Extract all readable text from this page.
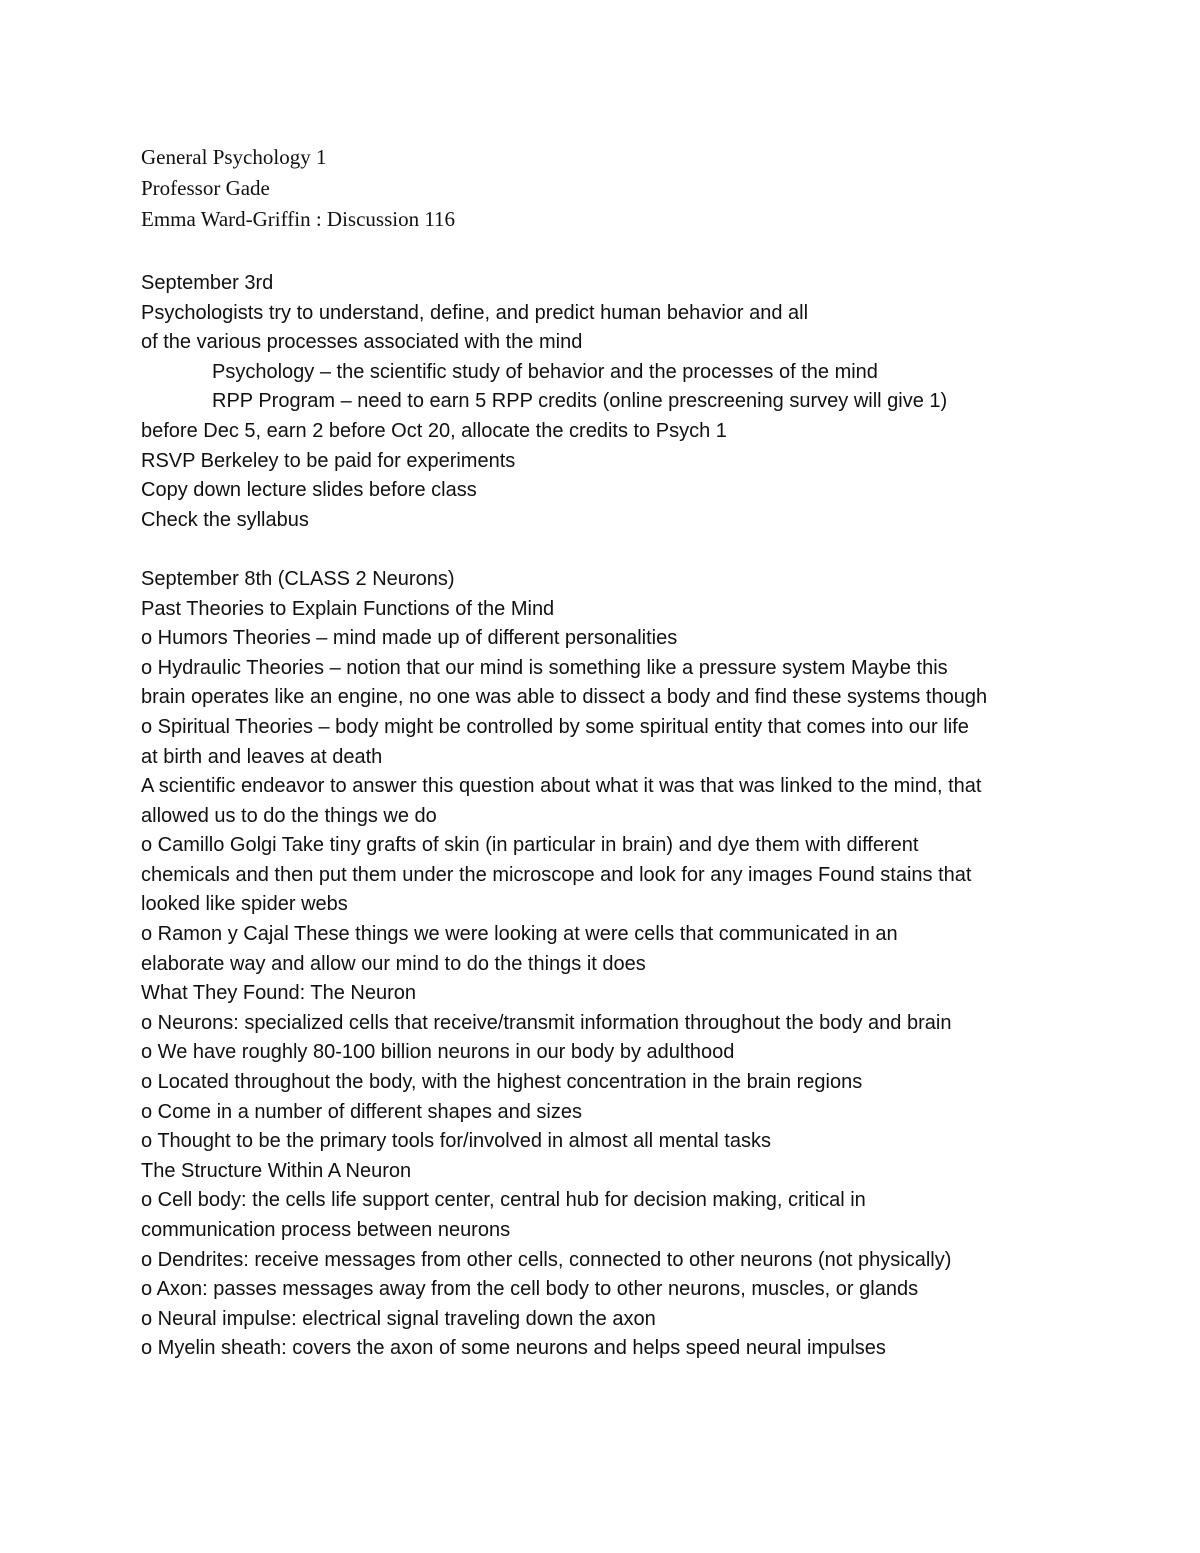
General Psychology 1
Professor Gade
Emma Ward-Griffin : Discussion 116
September 3rd
Psychologists try to understand, define, and predict human behavior and all
of the various processes associated with the mind
Psychology – the scientific study of behavior and the processes of the mind
RPP Program – need to earn 5 RPP credits (online prescreening survey will give 1)
before Dec 5, earn 2 before Oct 20, allocate the credits to Psych 1
RSVP Berkeley to be paid for experiments
Copy down lecture slides before class
Check the syllabus
September 8th (CLASS 2 Neurons)
Past Theories to Explain Functions of the Mind
o Humors Theories – mind made up of different personalities
o Hydraulic Theories – notion that our mind is something like a pressure system Maybe this
brain operates like an engine, no one was able to dissect a body and find these systems though
o Spiritual Theories – body might be controlled by some spiritual entity that comes into our life
at birth and leaves at death
A scientific endeavor to answer this question about what it was that was linked to the mind, that
allowed us to do the things we do
o Camillo Golgi Take tiny grafts of skin (in particular in brain) and dye them with different
chemicals and then put them under the microscope and look for any images Found stains that
looked like spider webs
o Ramon y Cajal These things we were looking at were cells that communicated in an
elaborate way and allow our mind to do the things it does
What They Found: The Neuron
o Neurons: specialized cells that receive/transmit information throughout the body and brain
o We have roughly 80-100 billion neurons in our body by adulthood
o Located throughout the body, with the highest concentration in the brain regions
o Come in a number of different shapes and sizes
o Thought to be the primary tools for/involved in almost all mental tasks
The Structure Within A Neuron
o Cell body: the cells life support center, central hub for decision making, critical in
communication process between neurons
o Dendrites: receive messages from other cells, connected to other neurons (not physically)
o Axon: passes messages away from the cell body to other neurons, muscles, or glands
o Neural impulse: electrical signal traveling down the axon
o Myelin sheath: covers the axon of some neurons and helps speed neural impulses
